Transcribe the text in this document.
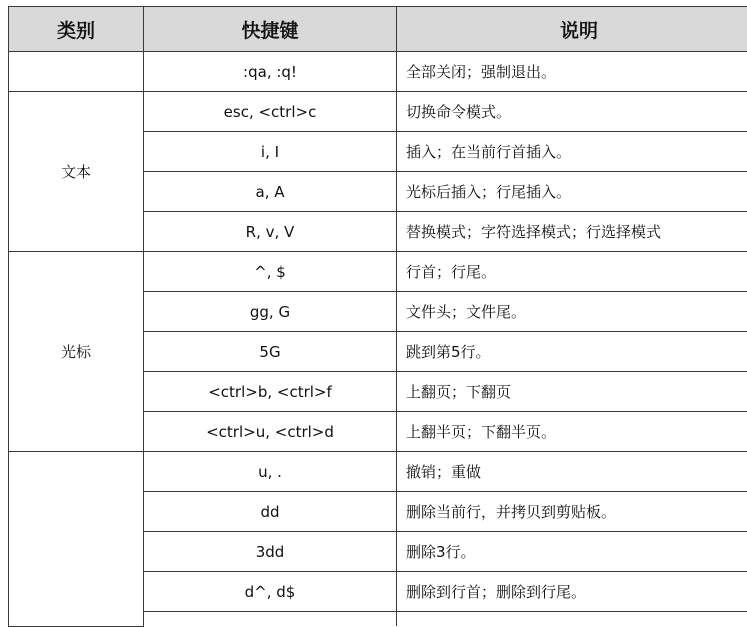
类别	快捷键	说明
	:qa, :q!	全部关闭；强制退出。
文本	esc, <ctrl>c	切换命令模式。
	i, I	插入；在当前行首插入。
	a, A	光标后插入；行尾插入。
	R, v, V	替换模式；字符选择模式；行选择模式
光标	^, $	行首；行尾。
	gg, G	文件头；文件尾。
	5G	跳到第5行。
	<ctrl>b, <ctrl>f	上翻页；下翻页
	<ctrl>u, <ctrl>d	上翻半页；下翻半页。
	u, .	撤销；重做
	dd	删除当前行，并拷贝到剪贴板。
	3dd	删除3行。
	d^, d$	删除到行首；删除到行尾。
